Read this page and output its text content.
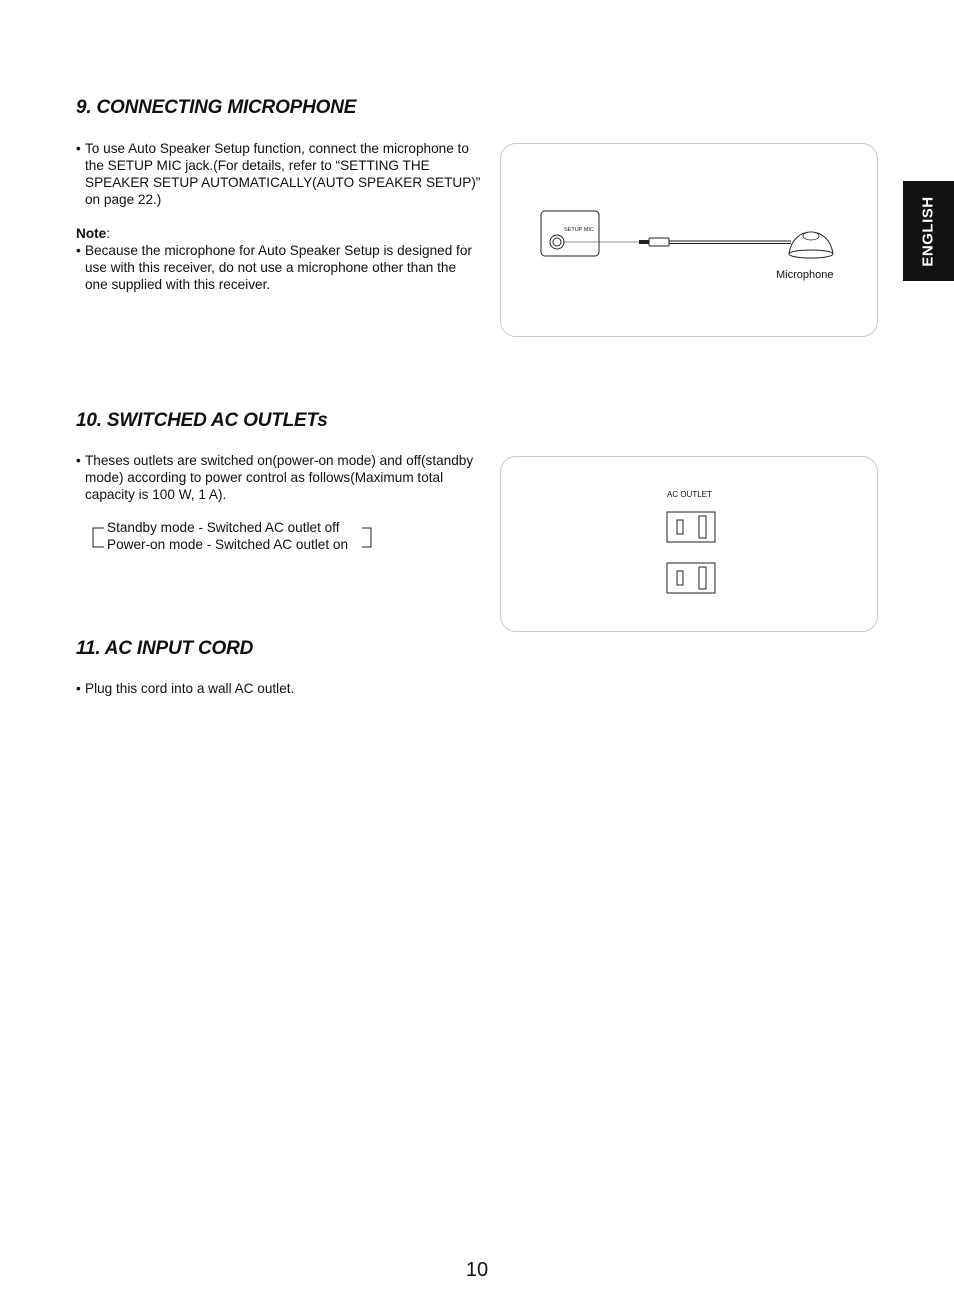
ENGLISH
9. CONNECTING MICROPHONE
• To use Auto Speaker Setup function, connect the microphone to the SETUP MIC jack.(For details, refer to “SETTING THE SPEAKER SETUP AUTOMATICALLY(AUTO SPEAKER SETUP)” on page 22.)
Note:
• Because the microphone for Auto Speaker Setup is designed for use with this receiver, do not use a microphone other than the one supplied with this receiver.
SETUP MIC
Microphone
10. SWITCHED AC OUTLETs
• Theses outlets are switched on(power-on mode) and off(standby mode) according to power control as follows(Maximum total capacity is 100 W, 1 A).
Standby mode - Switched AC outlet off
Power-on mode - Switched AC outlet on
AC OUTLET
11. AC INPUT CORD
• Plug this cord into a wall AC outlet.
10
